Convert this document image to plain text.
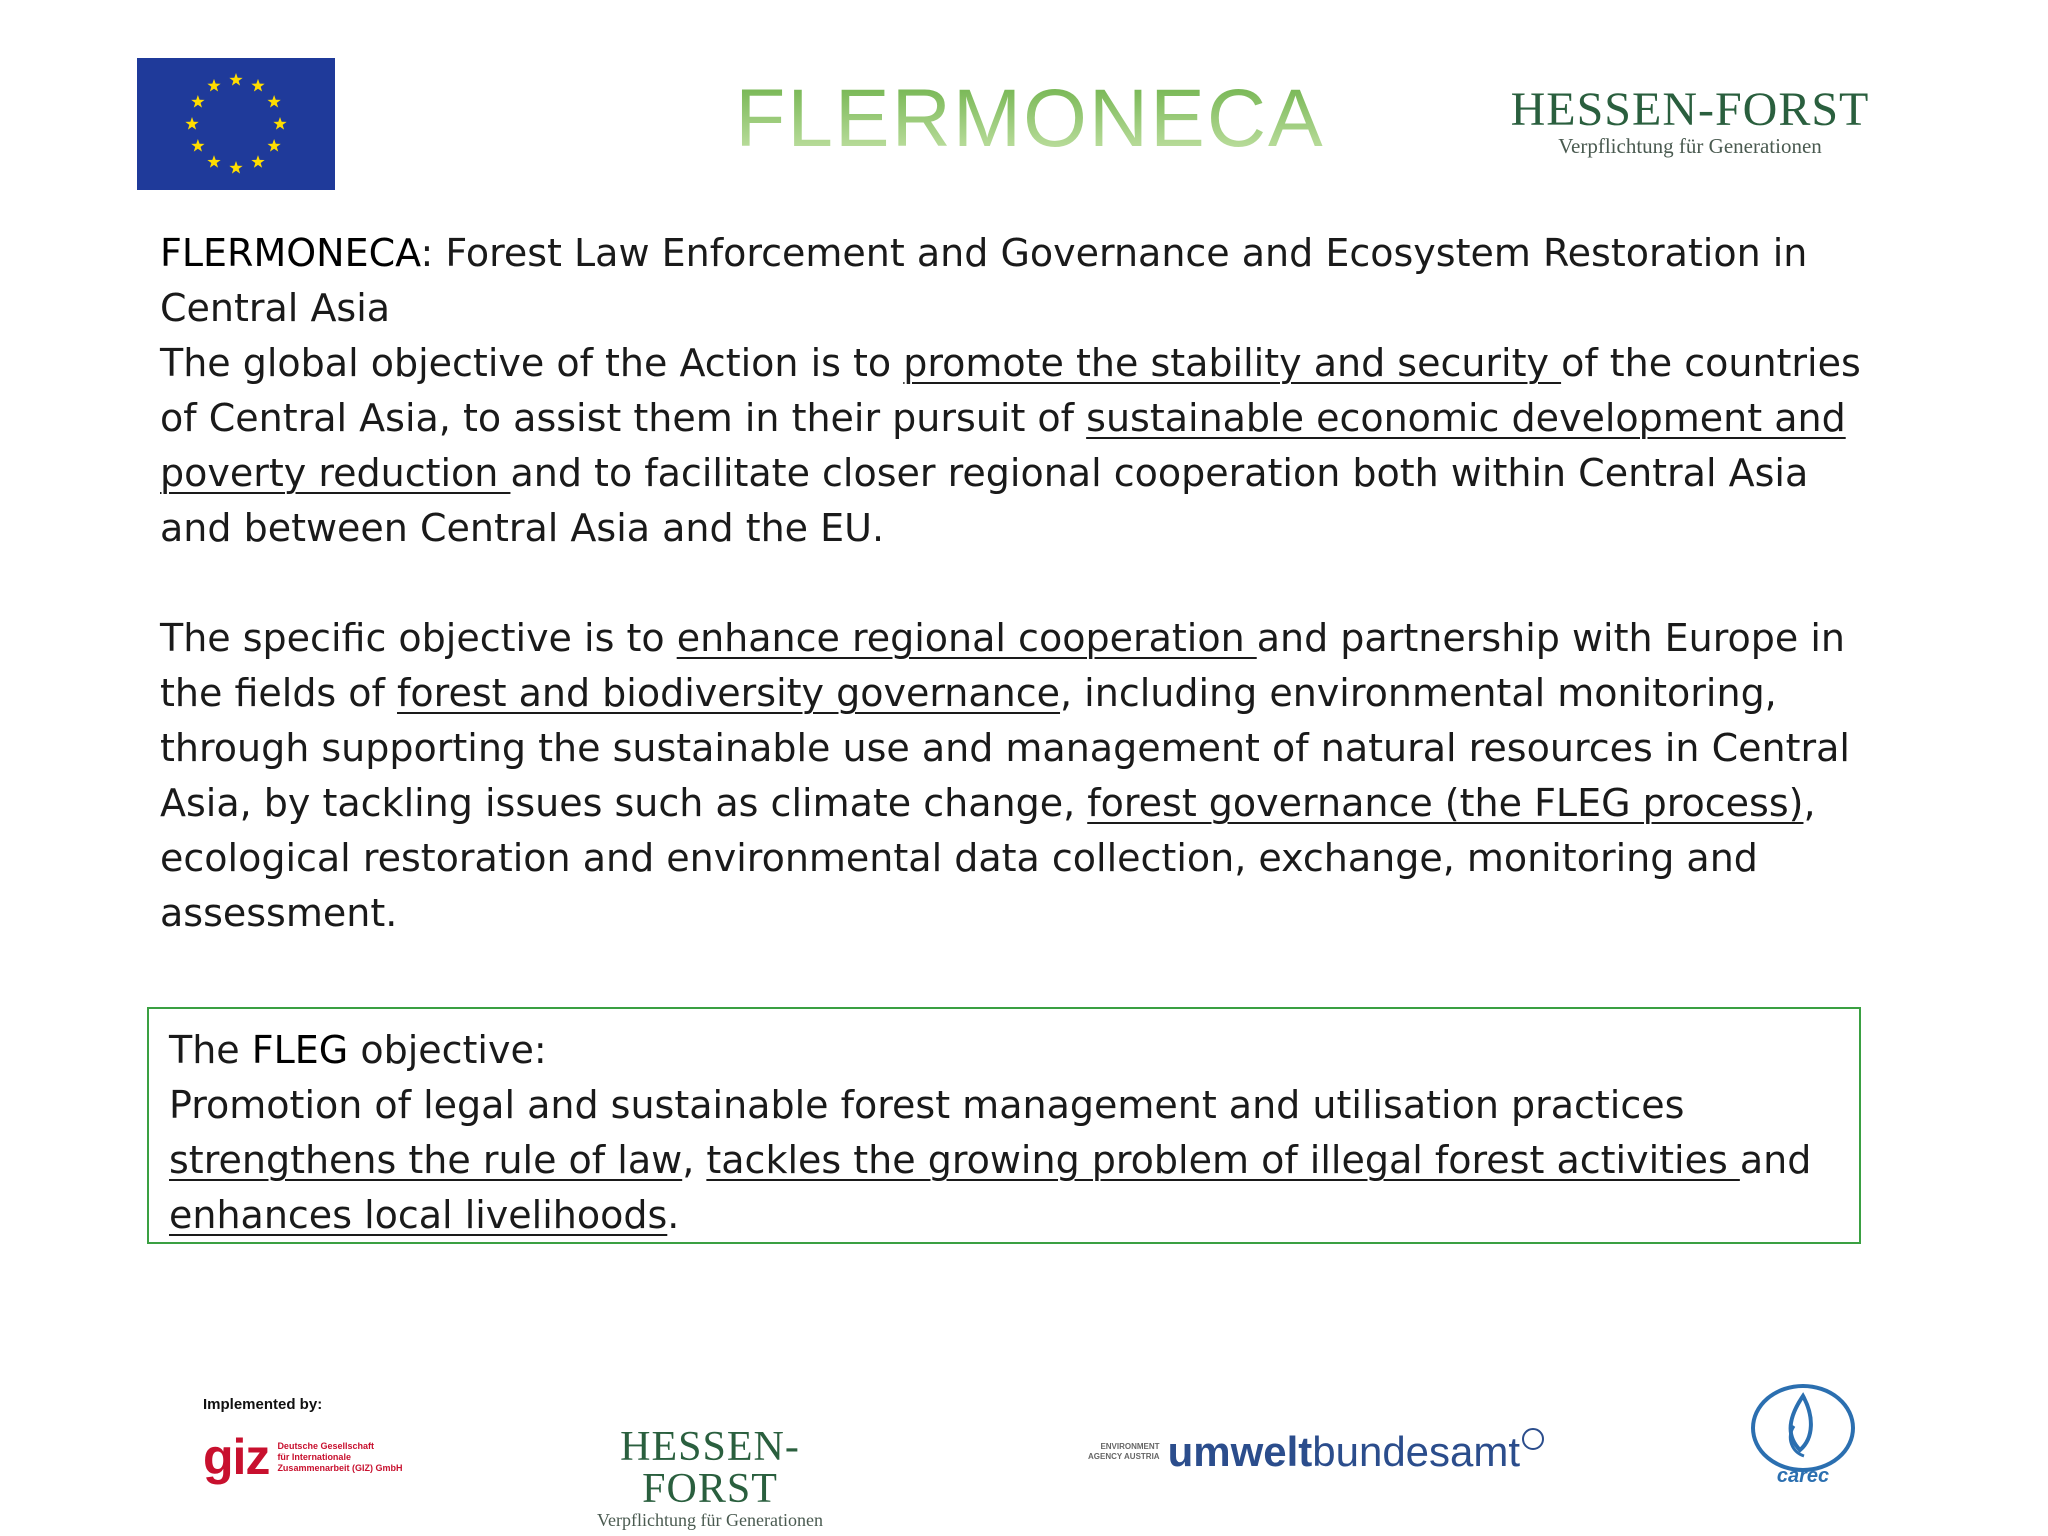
FLERMONECA	HESSEN-FORST
Verpflichtung für Generationen

FLERMONECA: Forest Law Enforcement and Governance and Ecosystem Restoration in Central Asia

The global objective of the Action is to promote the stability and security of the countries of Central Asia, to assist them in their pursuit of sustainable economic development and poverty reduction and to facilitate closer regional cooperation both within Central Asia and between Central Asia and the EU.

The specific objective is to enhance regional cooperation and partnership with Europe in the fields of forest and biodiversity governance, including environmental monitoring, through supporting the sustainable use and management of natural resources in Central Asia, by tackling issues such as climate change, forest governance (the FLEG process), ecological restoration and environmental data collection, exchange, monitoring and assessment.

The FLEG objective:

Promotion of legal and sustainable forest management and utilisation practices strengthens the rule of law, tackles the growing problem of illegal forest activities and enhances local livelihoods.

Implemented by:
giz Deutsche Gesellschaft
für Internationale
Zusammenarbeit (GIZ) GmbH	HESSEN-FORST
Verpflichtung für Generationen
ENVIRONMENT
AGENCY AUSTRIA umwelt bundesamt
carec
